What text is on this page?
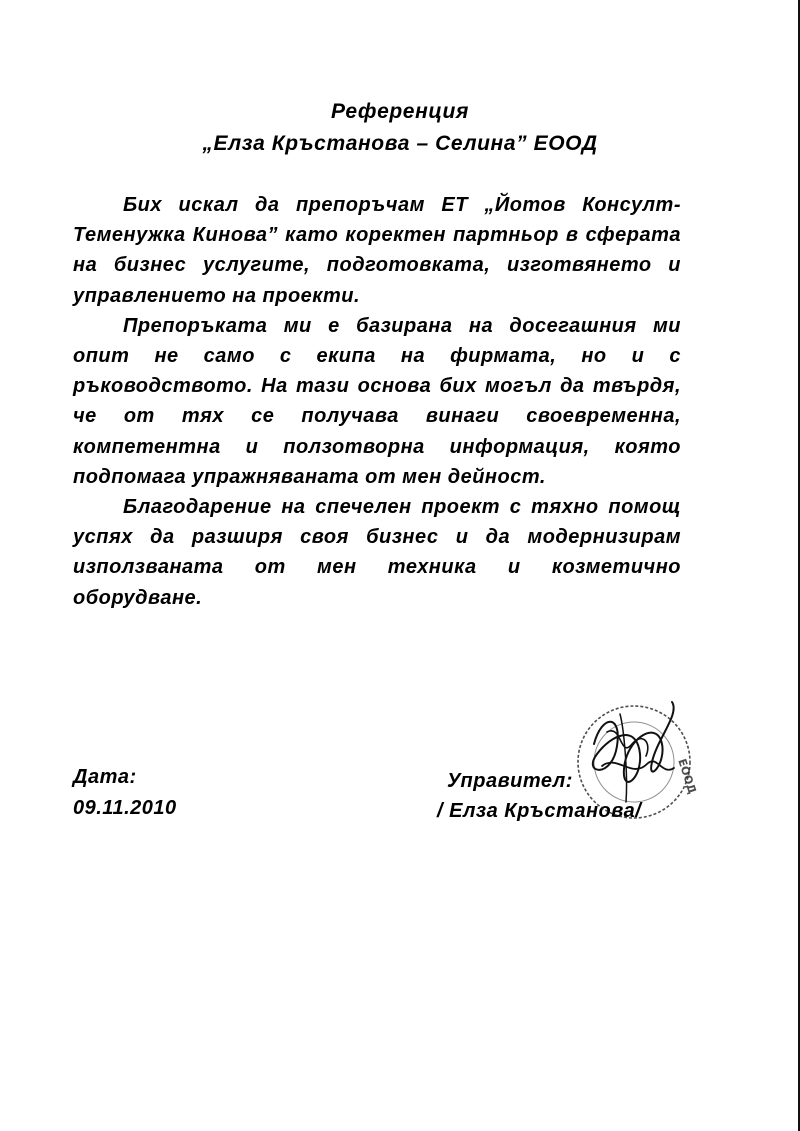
Референция
„Елза Кръстанова – Селина” ЕООД

Бих искал да препоръчам ЕТ „Йотов Консулт-Теменужка Кинова” като коректен партньор в сферата на бизнес услугите, подготовката, изготвянето и управлението на проекти.

Препоръката ми е базирана на досегашния ми опит не само с екипа на фирмата, но и с ръководството. На тази основа бих могъл да твърдя, че от тях се получава винаги своевременна, компетентна и ползотворна информация, която подпомага упражняваната от мен дейност.

Благодарение на спечелен проект с тяхно помощ успях да разширя своя бизнес и да модернизирам използваната от мен техника и козметично оборудване.

Дата:
09.11.2010
Управител:
/ Елза Кръстанова/
ЕООД
